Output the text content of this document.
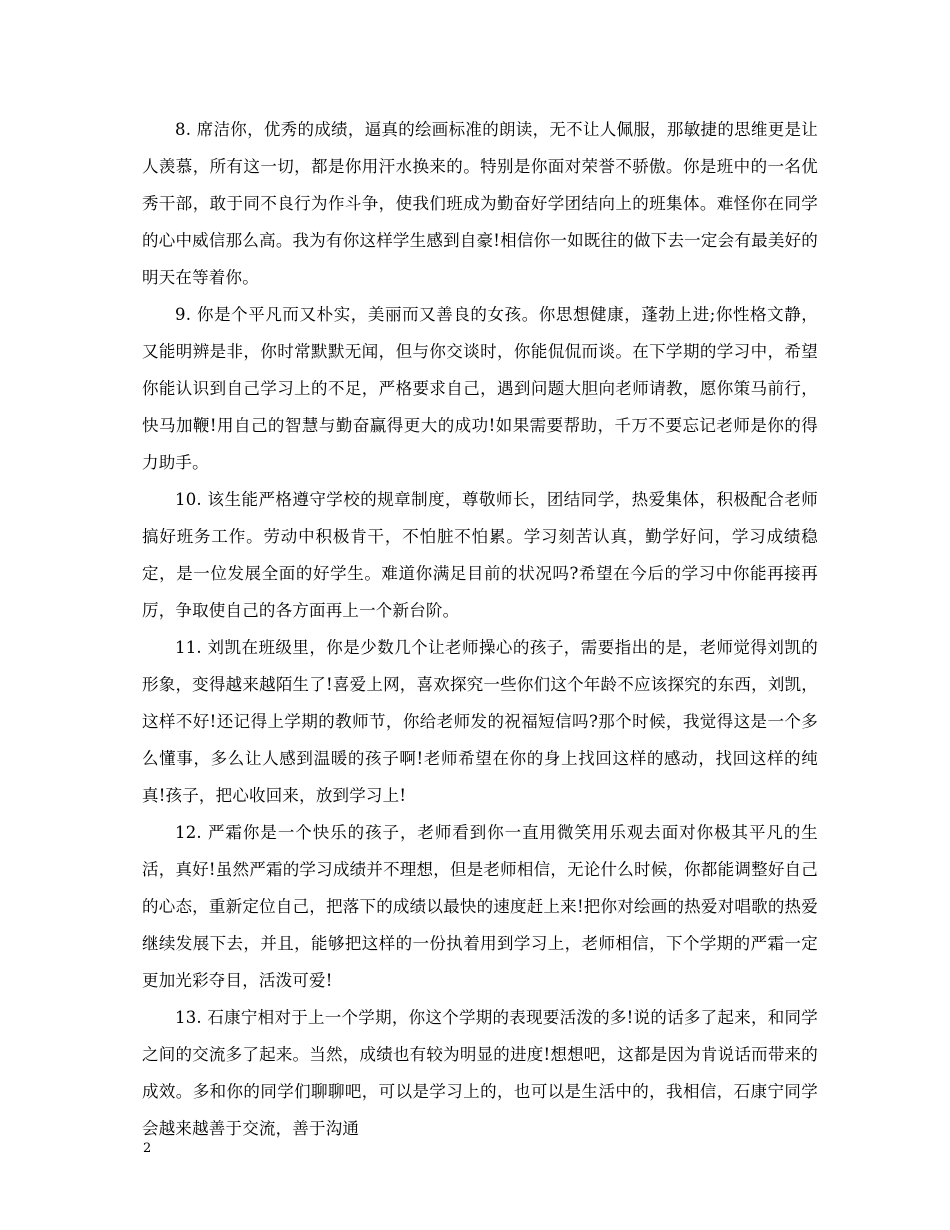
8. 席洁你，优秀的成绩，逼真的绘画标准的朗读，无不让人佩服，那敏捷的思维更是让人羡慕，所有这一切，都是你用汗水换来的。特别是你面对荣誉不骄傲。你是班中的一名优秀干部，敢于同不良行为作斗争，使我们班成为勤奋好学团结向上的班集体。难怪你在同学的心中威信那么高。我为有你这样学生感到自豪!相信你一如既往的做下去一定会有最美好的明天在等着你。

9. 你是个平凡而又朴实，美丽而又善良的女孩。你思想健康，蓬勃上进;你性格文静，又能明辨是非，你时常默默无闻，但与你交谈时，你能侃侃而谈。在下学期的学习中，希望你能认识到自己学习上的不足，严格要求自己，遇到问题大胆向老师请教，愿你策马前行，快马加鞭!用自己的智慧与勤奋赢得更大的成功!如果需要帮助，千万不要忘记老师是你的得力助手。

10. 该生能严格遵守学校的规章制度，尊敬师长，团结同学，热爱集体，积极配合老师搞好班务工作。劳动中积极肯干，不怕脏不怕累。学习刻苦认真，勤学好问，学习成绩稳定，是一位发展全面的好学生。难道你满足目前的状况吗?希望在今后的学习中你能再接再厉，争取使自己的各方面再上一个新台阶。

11. 刘凯在班级里，你是少数几个让老师操心的孩子，需要指出的是，老师觉得刘凯的形象，变得越来越陌生了!喜爱上网，喜欢探究一些你们这个年龄不应该探究的东西，刘凯，这样不好!还记得上学期的教师节，你给老师发的祝福短信吗?那个时候，我觉得这是一个多么懂事，多么让人感到温暖的孩子啊!老师希望在你的身上找回这样的感动，找回这样的纯真!孩子，把心收回来，放到学习上!

12. 严霜你是一个快乐的孩子，老师看到你一直用微笑用乐观去面对你极其平凡的生活，真好!虽然严霜的学习成绩并不理想，但是老师相信，无论什么时候，你都能调整好自己的心态，重新定位自己，把落下的成绩以最快的速度赶上来!把你对绘画的热爱对唱歌的热爱继续发展下去，并且，能够把这样的一份执着用到学习上，老师相信，下个学期的严霜一定更加光彩夺目，活泼可爱!

13. 石康宁相对于上一个学期，你这个学期的表现要活泼的多!说的话多了起来，和同学之间的交流多了起来。当然，成绩也有较为明显的进度!想想吧，这都是因为肯说话而带来的成效。多和你的同学们聊聊吧，可以是学习上的，也可以是生活中的，我相信，石康宁同学会越来越善于交流，善于沟通

2
